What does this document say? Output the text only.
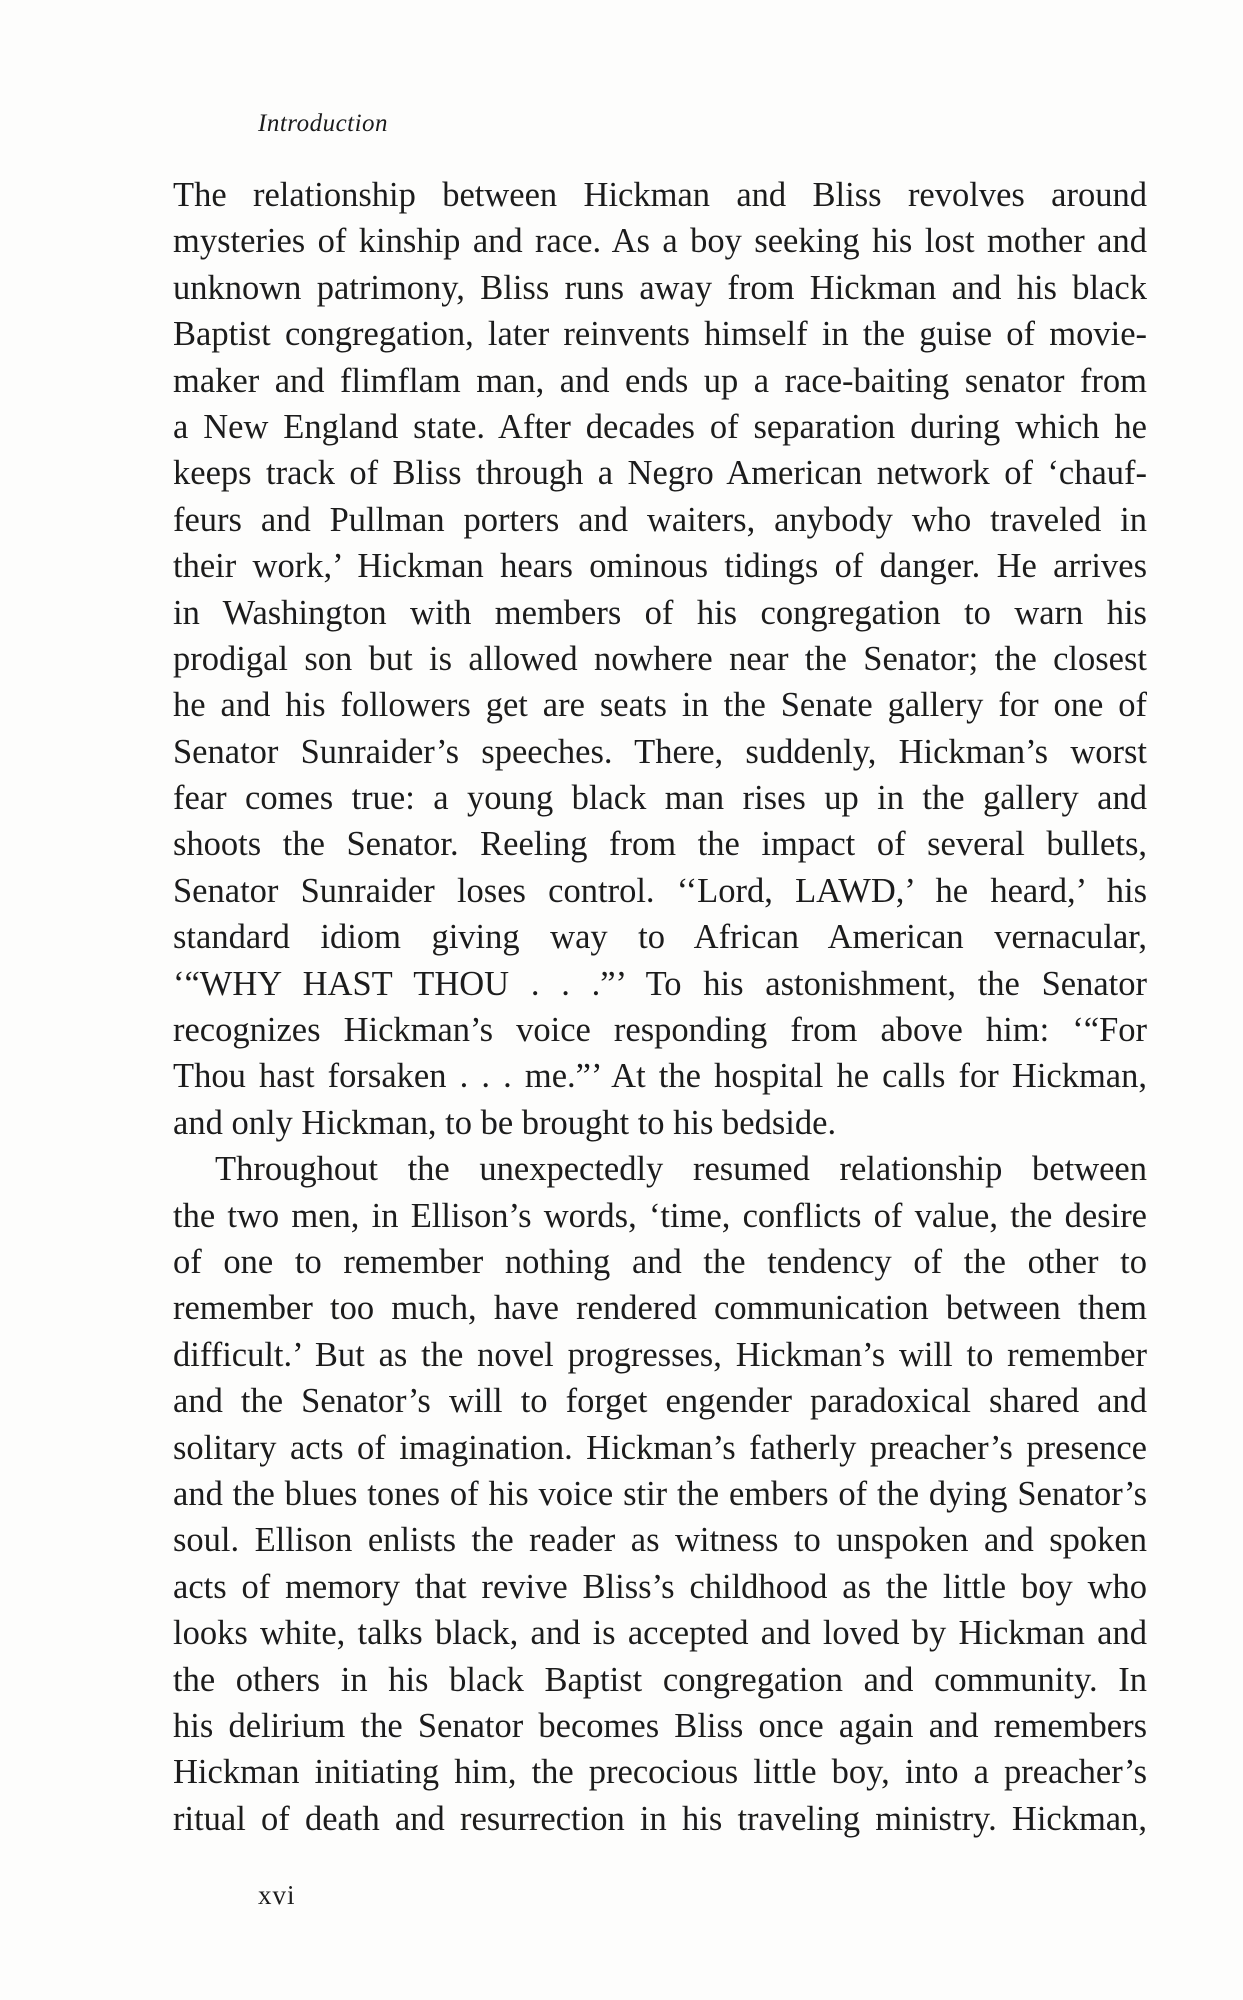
Introduction
The relationship between Hickman and Bliss revolves around
mysteries of kinship and race. As a boy seeking his lost mother and
unknown patrimony, Bliss runs away from Hickman and his black
Baptist congregation, later reinvents himself in the guise of movie-
maker and flimflam man, and ends up a race-baiting senator from
a New England state. After decades of separation during which he
keeps track of Bliss through a Negro American network of ‘chauf-
feurs and Pullman porters and waiters, anybody who traveled in
their work,’ Hickman hears ominous tidings of danger. He arrives
in Washington with members of his congregation to warn his
prodigal son but is allowed nowhere near the Senator; the closest
he and his followers get are seats in the Senate gallery for one of
Senator Sunraider’s speeches. There, suddenly, Hickman’s worst
fear comes true: a young black man rises up in the gallery and
shoots the Senator. Reeling from the impact of several bullets,
Senator Sunraider loses control. ‘‘Lord, LAWD,’ he heard,’ his
standard idiom giving way to African American vernacular,
‘“WHY HAST THOU . . .”’ To his astonishment, the Senator
recognizes Hickman’s voice responding from above him: ‘“For
Thou hast forsaken . . . me.”’ At the hospital he calls for Hickman,
and only Hickman, to be brought to his bedside.
Throughout the unexpectedly resumed relationship between
the two men, in Ellison’s words, ‘time, conflicts of value, the desire
of one to remember nothing and the tendency of the other to
remember too much, have rendered communication between them
difficult.’ But as the novel progresses, Hickman’s will to remember
and the Senator’s will to forget engender paradoxical shared and
solitary acts of imagination. Hickman’s fatherly preacher’s presence
and the blues tones of his voice stir the embers of the dying Senator’s
soul. Ellison enlists the reader as witness to unspoken and spoken
acts of memory that revive Bliss’s childhood as the little boy who
looks white, talks black, and is accepted and loved by Hickman and
the others in his black Baptist congregation and community. In
his delirium the Senator becomes Bliss once again and remembers
Hickman initiating him, the precocious little boy, into a preacher’s
ritual of death and resurrection in his traveling ministry. Hickman,
xvi
